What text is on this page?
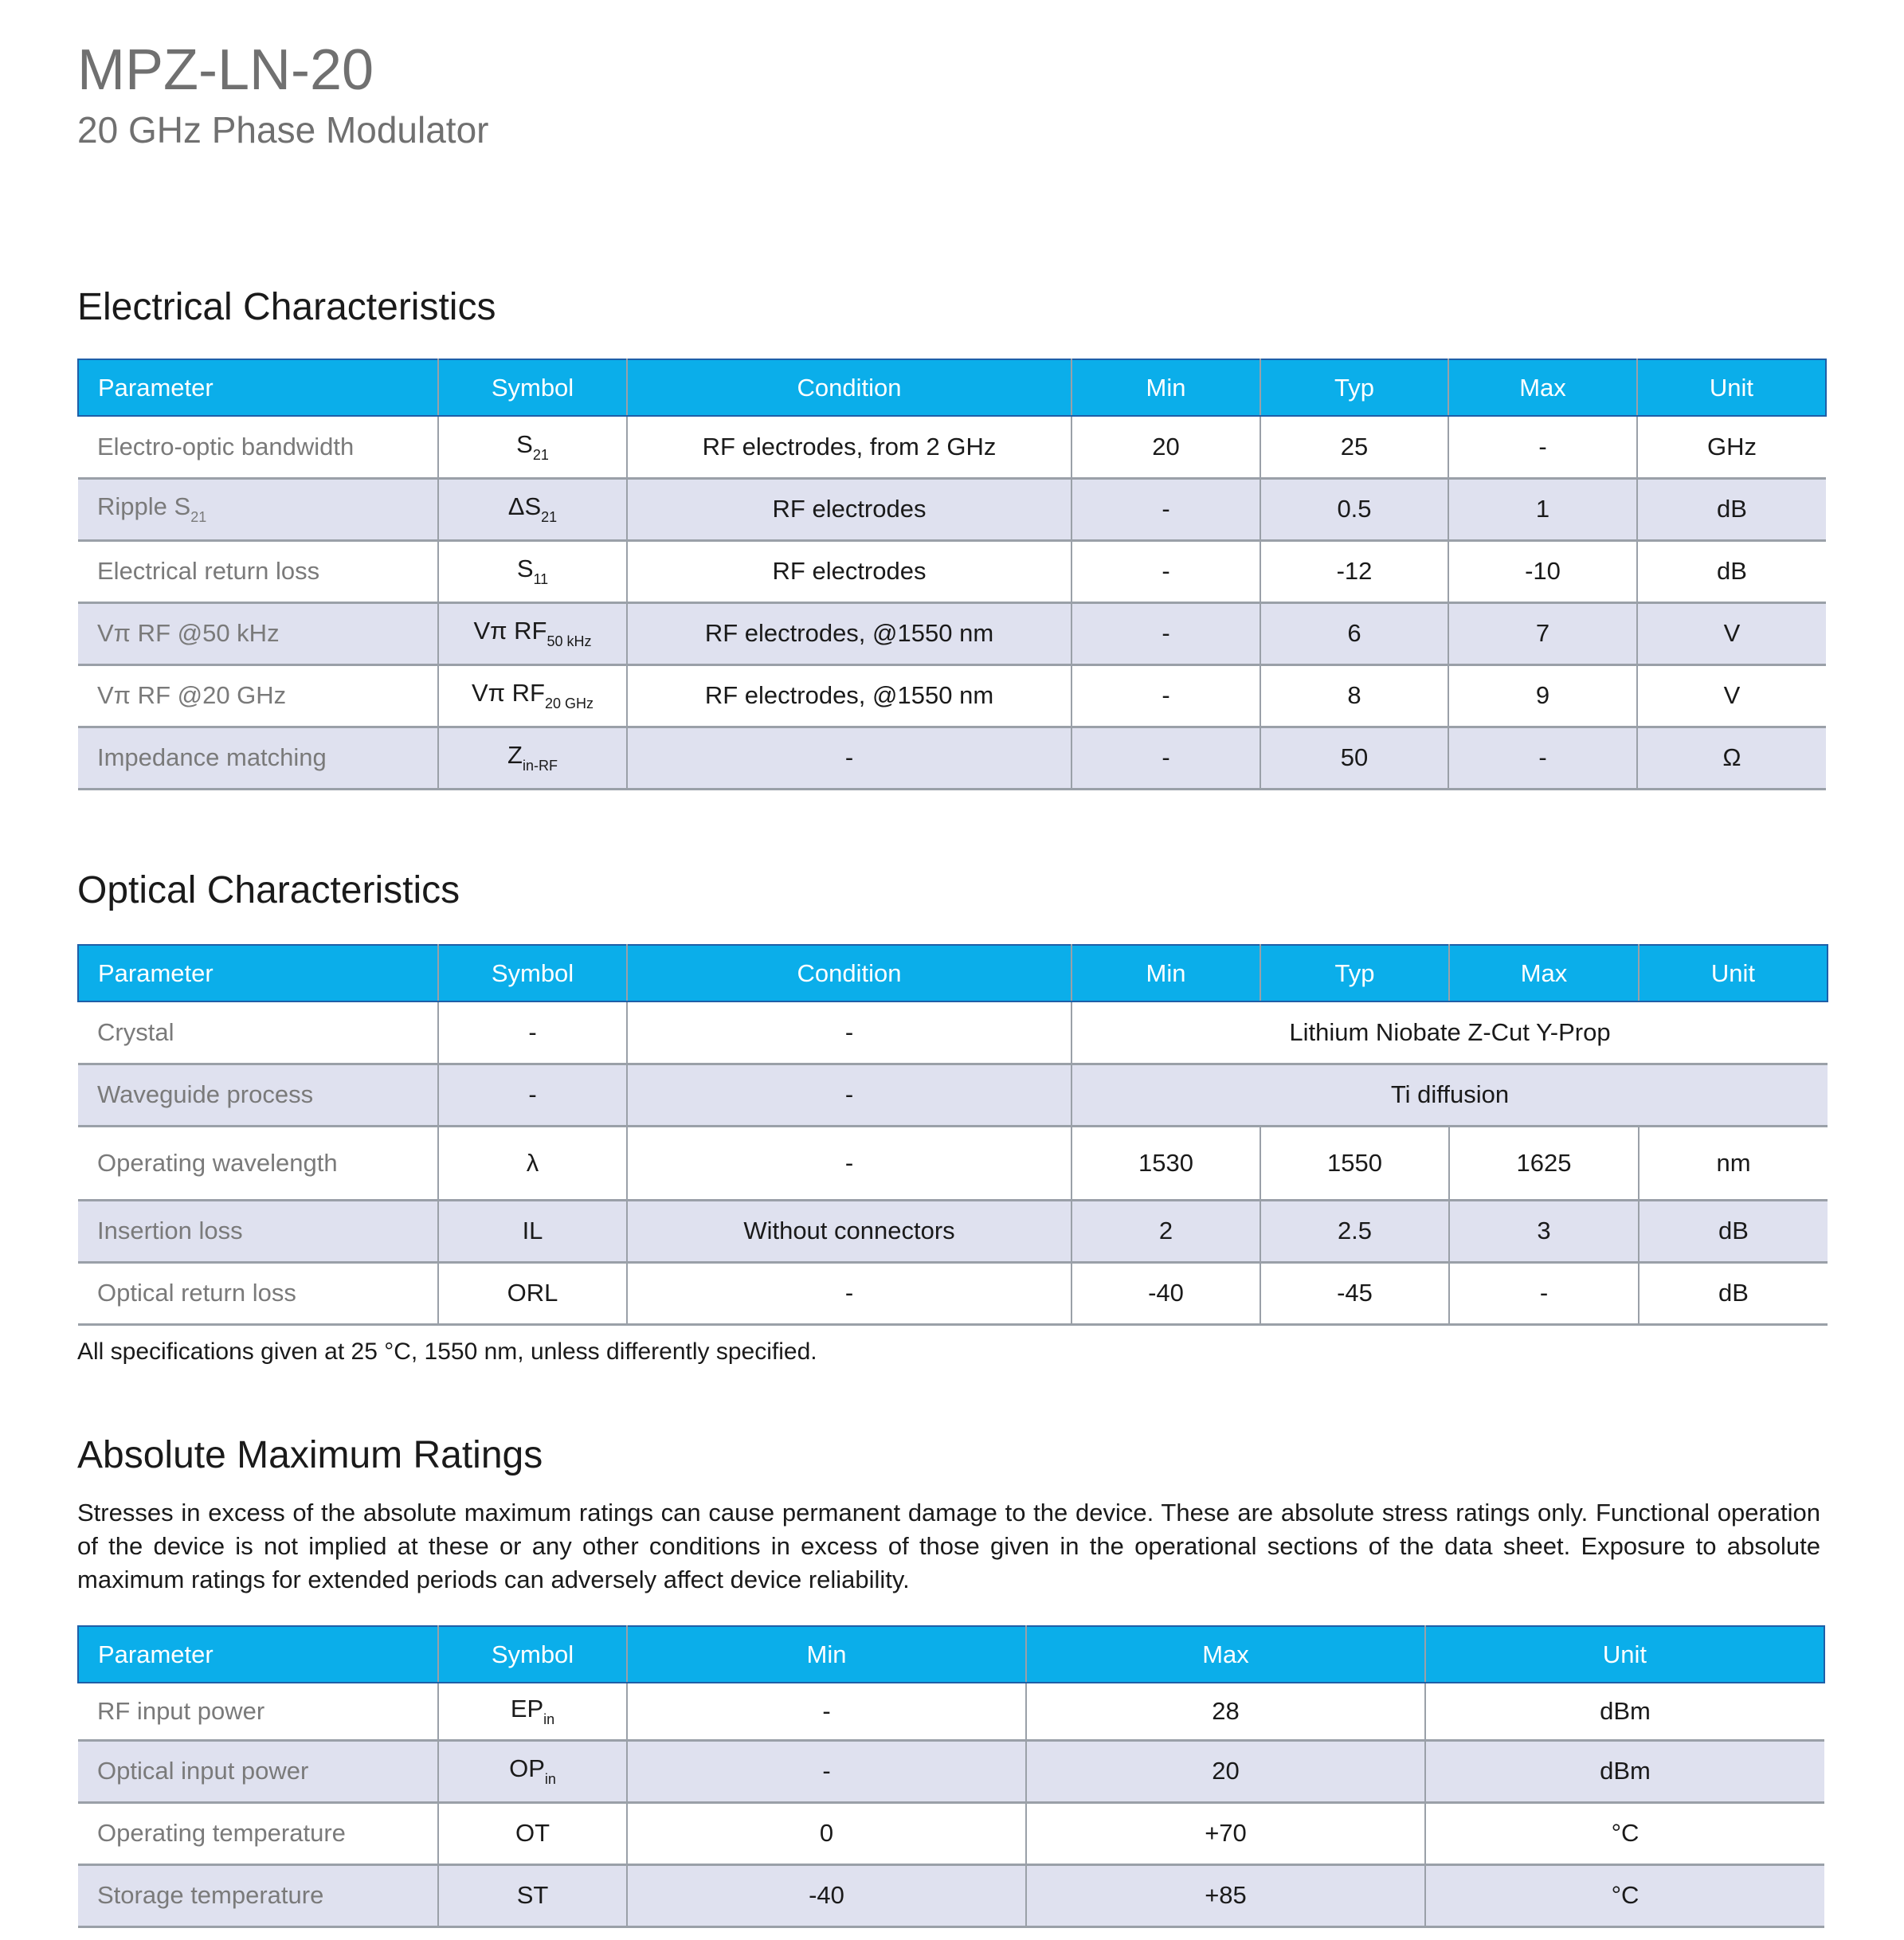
MPZ-LN-20
20 GHz Phase Modulator
Electrical Characteristics
Parameter	Symbol	Condition	Min	Typ	Max	Unit
Electro-optic bandwidth	$S_{21}$	RF electrodes, from 2 GHz	20	25	-	GHz
Ripple $S_{21}$	$\Delta S_{21}$	RF electrodes	-	0.5	1	dB
Electrical return loss	$S_{11}$	RF electrodes	-	-12	-10	dB
Vπ RF @50 kHz	Vπ $RF_{50 kHz}$	RF electrodes, @1550 nm	-	6	7	V
Vπ RF @20 GHz	Vπ $RF_{20 GHz}$	RF electrodes, @1550 nm	-	8	9	V
Impedance matching	$Z_{in-RF}$	-	-	50	-	Ω
Optical Characteristics
Parameter	Symbol	Condition	Min	Typ	Max	Unit
Crystal	-	-	Lithium Niobate Z-Cut Y-Prop			
Waveguide process	-	-	Ti diffusion			
Operating wavelength	λ	-	1530	1550	1625	nm
Insertion loss	IL	Without connectors	2	2.5	3	dB
Optical return loss	ORL	-	-40	-45	-	dB
All specifications given at 25 °C, 1550 nm, unless differently specified.
Absolute Maximum Ratings
Stresses in excess of the absolute maximum ratings can cause permanent damage to the device. These are absolute stress ratings only. Functional operation of the device is not implied at these or any other conditions in excess of those given in the operational sections of the data sheet. Exposure to absolute maximum ratings for extended periods can adversely affect device reliability.
Parameter	Symbol	Min	Max	Unit
RF input power	$EP_{in}$	-	28	dBm
Optical input power	$OP_{in}$	-	20	dBm
Operating temperature	OT	0	+70	°C
Storage temperature	ST	-40	+85	°C
